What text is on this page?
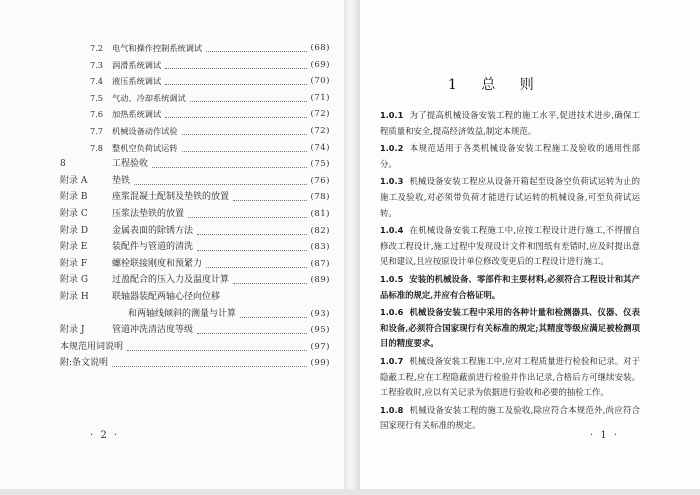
7.2 电气和操作控制系统调试	(68)
7.3 润滑系统调试	(69)
7.4 液压系统调试	(70)
7.5 气动、冷却系统调试	(71)
7.6 加热系统调试	(72)
7.7 机械设备动作试验	(72)
7.8 整机空负荷试运转	(74)
8	工程验收	(75)
附录 A	垫铁	(76)
附录 B	座浆混凝土配制及垫铁的放置	(78)
附录 C	压浆法垫铁的放置	(81)
附录 D	金属表面的除锈方法	(82)
附录 E	装配件与管道的清洗	(83)
附录 F	螺栓联接刚度和预紧力	(87)
附录 G	过盈配合的压入力及温度计算	(89)
附录 H	联轴器装配两轴心径向位移
和两轴线倾斜的测量与计算	(93)
附录 J	管道冲洗清洁度等级	(95)
本规范用词说明	(97)
附:条文说明	(99)
· 2 ·
1 总 则
1.0.1 为了提高机械设备安装工程的施工水平,促进技术进步,确保工程质量和安全,提高经济效益,制定本规范。
1.0.2 本规范适用于各类机械设备安装工程施工及验收的通用性部分。
1.0.3 机械设备安装工程应从设备开箱起至设备空负荷试运转为止的施工及验收,对必须带负荷才能进行试运转的机械设备,可至负荷试运转。
1.0.4 在机械设备安装工程施工中,应按工程设计进行施工,不得擅自修改工程设计,施工过程中发现设计文件和图纸有差错时,应及时提出意见和建议,且应按原设计单位修改变更后的工程设计进行施工。
1.0.5 安装的机械设备、零部件和主要材料,必须符合工程设计和其产品标准的规定,并应有合格证明。
1.0.6 机械设备安装工程中采用的各种计量和检测器具、仪器、仪表和设备,必须符合国家现行有关标准的规定;其精度等级应满足被检测项目的精度要求。
1.0.7 机械设备安装工程施工中,应对工程质量进行检验和记录。对于隐蔽工程,应在工程隐蔽前进行检验并作出记录,合格后方可继续安装。工程验收时,应以有关记录为依据进行验收和必要的抽检工作。
1.0.8 机械设备安装工程的施工及验收,除应符合本规范外,尚应符合国家现行有关标准的规定。
· 1 ·
